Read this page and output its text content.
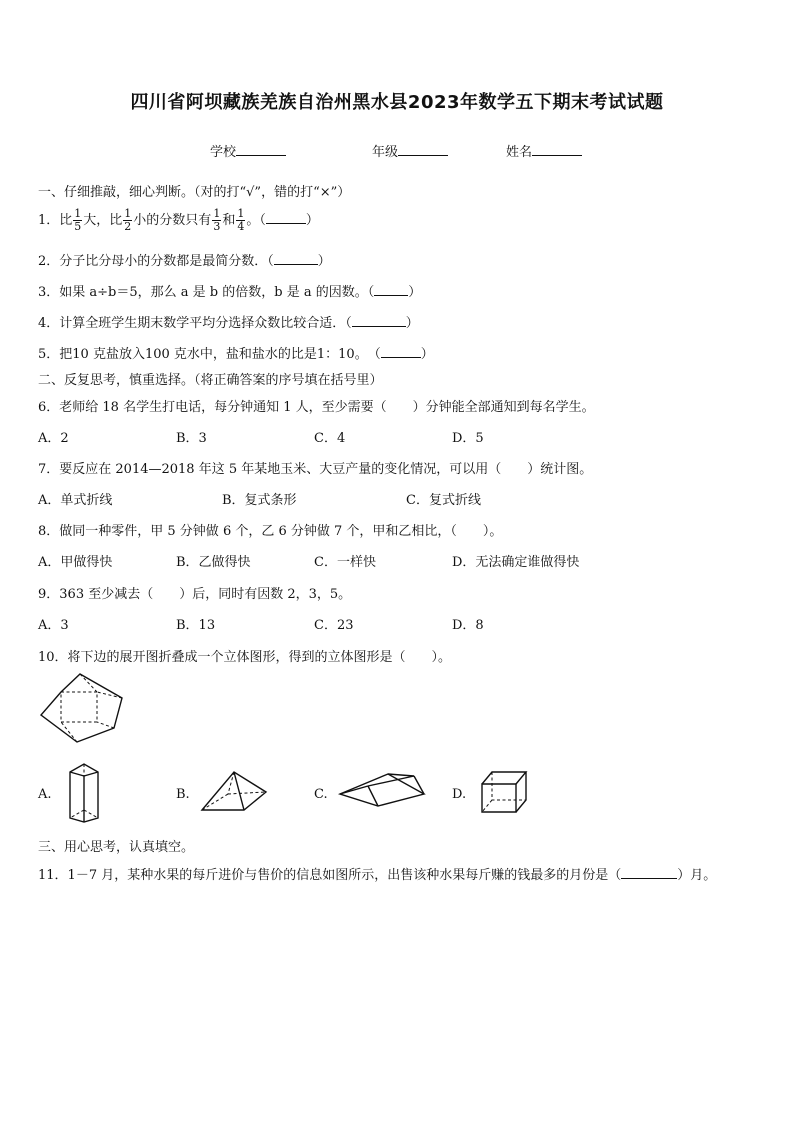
四川省阿坝藏族羌族自治州黑水县2023年数学五下期末考试试题
学校	年级	姓名
一、仔细推敲，细心判断。（对的打“√”，错的打“×”）
1．比 $\frac{1}{5}$ 大，比 $\frac{1}{2}$ 小的分数只有 $\frac{1}{3}$ 和 $\frac{1}{4}$ 。（	）
2．分子比分母小的分数都是最简分数．（	）
3．如果 a÷b＝5，那么 a 是 b 的倍数，b 是 a 的因数。（	）
4．计算全班学生期末数学平均分选择众数比较合适．（	）
5．把10 克盐放入100 克水中，盐和盐水的比是1：10。　（	）
二、反复思考，慎重选择。（将正确答案的序号填在括号里）
6．老师给 18 名学生打电话，每分钟通知 1 人，至少需要（　　）分钟能全部通知到每名学生。
A．2	B．3	C．4	D．5
7．要反应在 2014—2018 年这 5 年某地玉米、大豆产量的变化情况，可以用（　　）统计图。
A．单式折线	B．复式条形	C．复式折线
8．做同一种零件，甲 5 分钟做 6 个，乙 6 分钟做 7 个，甲和乙相比，（　　）。
A．甲做得快	B．乙做得快	C．一样快	D．无法确定谁做得快
9．363 至少减去（　　）后，同时有因数 2，3，5。
A．3	B．13	C．23	D．8
10．将下边的展开图折叠成一个立体图形，得到的立体图形是（　　）。
A.	B.	C.	D.
三、用心思考，认真填空。
11．1－7 月，某种水果的每斤进价与售价的信息如图所示，出售该种水果每斤赚的钱最多的月份是（	）月。
